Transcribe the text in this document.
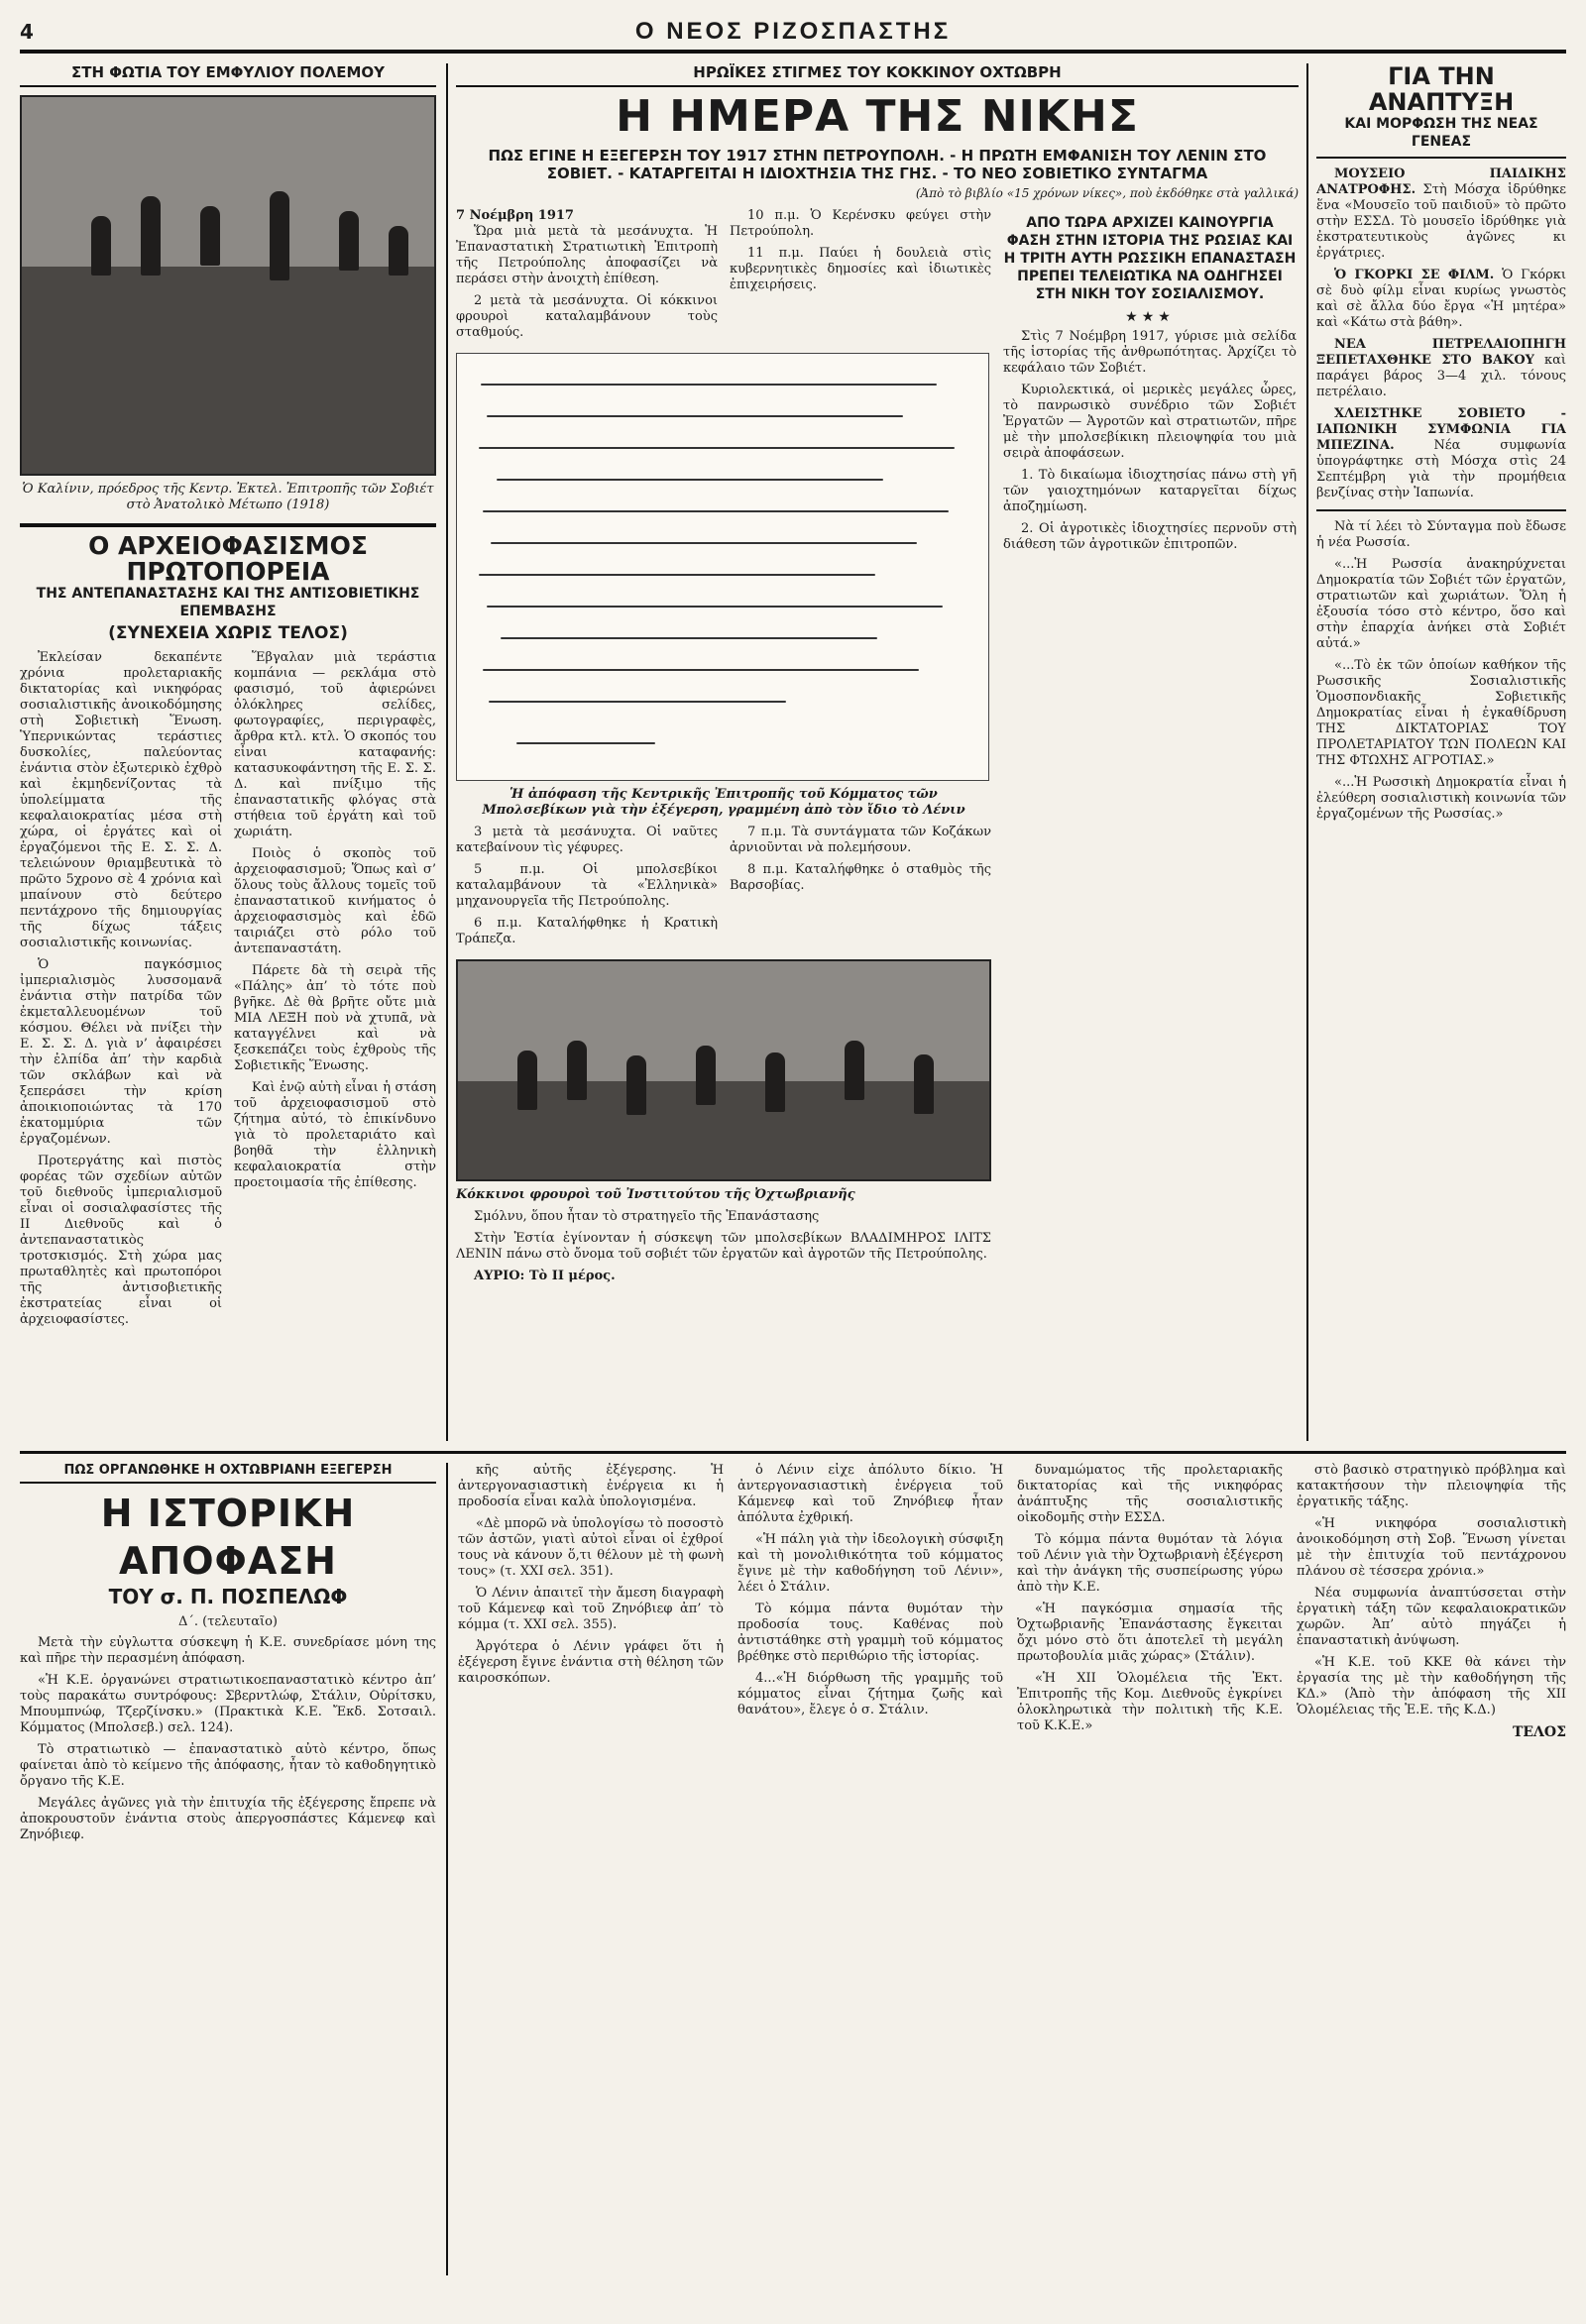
4	Ο ΝΕΟΣ ΡΙΖΟΣΠΑΣΤΗΣ
ΣΤΗ ΦΩΤΙΑ ΤΟΥ ΕΜΦΥΛΙΟΥ ΠΟΛΕΜΟΥ
Ὁ Καλίνιν, πρόεδρος τῆς Κεντρ. Ἐκτελ. Ἐπιτροπῆς τῶν Σοβιέτ στὸ Ἀνατολικὸ Μέτωπο (1918)
Ο ΑΡΧΕΙΟΦΑΣΙΣΜΟΣ ΠΡΩΤΟΠΟΡΕΙΑ
ΤΗΣ ΑΝΤΕΠΑΝΑΣΤΑΣΗΣ ΚΑΙ ΤΗΣ ΑΝΤΙΣΟΒΙΕΤΙΚΗΣ ΕΠΕΜΒΑΣΗΣ
(ΣΥΝΕΧΕΙΑ ΧΩΡΙΣ ΤΕΛΟΣ)

Ἐκλείσαν δεκαπέντε χρόνια προλεταριακῆς δικτατορίας καὶ νικηφόρας σοσιαλιστικῆς ἀνοικοδόμησης στὴ Σοβιετικὴ Ἕνωση. Ὑπερνικώντας τεράστιες δυσκολίες, παλεύοντας ἐνάντια στὸν ἐξωτερικὸ ἐχθρὸ καὶ ἐκμηδενίζοντας τὰ ὑπολείμματα τῆς κεφαλαιοκρατίας μέσα στὴ χώρα, οἱ ἐργάτες καὶ οἱ ἐργαζόμενοι τῆς Ε. Σ. Σ. Δ. τελειώνουν θριαμβευτικὰ τὸ πρῶτο 5χρονο σὲ 4 χρόνια καὶ μπαίνουν στὸ δεύτερο πεντάχρονο τῆς δημιουργίας τῆς δίχως τάξεις σοσιαλιστικῆς κοινωνίας.

Ὁ παγκόσμιος ἰμπεριαλισμὸς λυσσομανᾶ ἐνάντια στὴν πατρίδα τῶν ἐκμεταλλευομένων τοῦ κόσμου. Θέλει νὰ πνίξει τὴν Ε. Σ. Σ. Δ. γιὰ ν’ ἀφαιρέσει τὴν ἐλπίδα ἀπ’ τὴν καρδιὰ τῶν σκλάβων καὶ νὰ ξεπεράσει τὴν κρίση ἀποικιοποιώντας τὰ 170 ἑκατομμύρια τῶν ἐργαζομένων.

Προτεργάτης καὶ πιστὸς φορέας τῶν σχεδίων αὐτῶν τοῦ διεθνοῦς ἰμπεριαλισμοῦ εἶναι οἱ σοσιαλφασίστες τῆς ΙΙ Διεθνοῦς καὶ ὁ ἀντεπαναστατικὸς τροτσκισμός. Στὴ χώρα μας πρωταθλητὲς καὶ πρωτοπόροι τῆς ἀντισοβιετικῆς ἐκστρατείας εἶναι οἱ ἀρχειοφασίστες.

Ἕβγαλαν μιὰ τεράστια κομπάνια — ρεκλάμα στὸ φασισμό, τοῦ ἀφιερώνει ὁλόκληρες σελίδες, φωτογραφίες, περιγραφὲς, ἄρθρα κτλ. κτλ. Ὁ σκοπός του εἶναι καταφανής: κατασυκοφάντηση τῆς Ε. Σ. Σ. Δ. καὶ πνίξιμο τῆς ἐπαναστατικῆς φλόγας στὰ στήθεια τοῦ ἐργάτη καὶ τοῦ χωριάτη.

Ποιὸς ὁ σκοπὸς τοῦ ἀρχειοφασισμοῦ; Ὅπως καὶ σ’ ὅλους τοὺς ἄλλους τομεῖς τοῦ ἐπαναστατικοῦ κινήματος ὁ ἀρχειοφασισμὸς καὶ ἐδῶ ταιριάζει στὸ ρόλο τοῦ ἀντεπαναστάτη.

Πάρετε δὰ τὴ σειρὰ τῆς «Πάλης» ἀπ’ τὸ τότε ποὺ βγῆκε. Δὲ θὰ βρῆτε οὔτε μιὰ ΜΙΑ ΛΕΞΗ ποὺ νὰ χτυπᾶ, νὰ καταγγέλνει καὶ νὰ ξεσκεπάζει τοὺς ἐχθροὺς τῆς Σοβιετικῆς Ἕνωσης.

Καὶ ἐνῷ αὐτὴ εἶναι ἡ στάση τοῦ ἀρχειοφασισμοῦ στὸ ζήτημα αὐτό, τὸ ἐπικίνδυνο γιὰ τὸ προλεταριάτο καὶ βοηθᾶ τὴν ἑλληνικὴ κεφαλαιοκρατία στὴν προετοιμασία τῆς ἐπίθεσης.

ΗΡΩΪΚΕΣ ΣΤΙΓΜΕΣ ΤΟΥ ΚΟΚΚΙΝΟΥ ΟΧΤΩΒΡΗ
Η ΗΜΕΡΑ ΤΗΣ ΝΙΚΗΣ
ΠΩΣ ΕΓΙΝΕ Η ΕΞΕΓΕΡΣΗ ΤΟΥ 1917 ΣΤΗΝ ΠΕΤΡΟΥΠΟΛΗ. - Η ΠΡΩΤΗ ΕΜΦΑΝΙΣΗ ΤΟΥ ΛΕΝΙΝ ΣΤΟ ΣΟΒΙΕΤ. - ΚΑΤΑΡΓΕΙΤΑΙ Η ΙΔΙΟΧΤΗΣΙΑ ΤΗΣ ΓΗΣ. - ΤΟ ΝΕΟ ΣΟΒΙΕΤΙΚΟ ΣΥΝΤΑΓΜΑ
(Ἀπὸ τὸ βιβλίο «15 χρόνων νίκες», ποὺ ἐκδόθηκε στὰ γαλλικά)
7 Νοέμβρη 1917

Ὥρα μιὰ μετὰ τὰ μεσάνυχτα. Ἡ Ἐπαναστατικὴ Στρατιωτικὴ Ἐπιτροπὴ τῆς Πετρούπολης ἀποφασίζει νὰ περάσει στὴν ἀνοιχτὴ ἐπίθεση.

2 μετὰ τὰ μεσάνυχτα. Οἱ κόκκινοι φρουροὶ καταλαμβάνουν τοὺς σταθμούς.

10 π.μ. Ὁ Κερένσκυ φεύγει στὴν Πετρούπολη.

11 π.μ. Παύει ἡ δουλειὰ στὶς κυβερνητικὲς δημοσίες καὶ ἰδιωτικὲς ἐπιχειρήσεις.

Ἡ ἀπόφαση τῆς Κεντρικῆς Ἐπιτροπῆς τοῦ Κόμματος τῶν Μπολσεβίκων γιὰ τὴν ἐξέγερση, γραμμένη ἀπὸ τὸν ἴδιο τὸ Λένιν

3 μετὰ τὰ μεσάνυχτα. Οἱ ναῦτες κατεβαίνουν τὶς γέφυρες.

5 π.μ. Οἱ μπολσεβίκοι καταλαμβάνουν τὰ «Ἐλληνικὰ» μηχανουργεῖα τῆς Πετρούπολης.

6 π.μ. Καταλήφθηκε ἡ Κρατικὴ Τράπεζα.

7 π.μ. Τὰ συντάγματα τῶν Κοζάκων ἀρνιοῦνται νὰ πολεμήσουν.

8 π.μ. Καταλήφθηκε ὁ σταθμὸς τῆς Βαρσοβίας.

Κόκκινοι φρουροὶ τοῦ Ἰνστιτούτου τῆς Ὀχτωβριανῆς

Σμόλνυ, ὅπου ἦταν τὸ στρατηγεῖο τῆς Ἐπανάστασης

Στὴν Ἑστία ἐγίνονταν ἡ σύσκεψη τῶν μπολσεβίκων ΒΛΑΔΙΜΗΡΟΣ ΙΛΙΤΣ ΛΕΝΙΝ πάνω στὸ ὄνομα τοῦ σοβιέτ τῶν ἐργατῶν καὶ ἀγροτῶν τῆς Πετρούπολης.

ΑΥΡΙΟ: Τὸ ΙΙ μέρος.

ΑΠΟ ΤΩΡΑ ΑΡΧΙΖΕΙ ΚΑΙΝΟΥΡΓΙΑ ΦΑΣΗ ΣΤΗΝ ΙΣΤΟΡΙΑ ΤΗΣ ΡΩΣΙΑΣ ΚΑΙ Η ΤΡΙΤΗ ΑΥΤΗ ΡΩΣΣΙΚΗ ΕΠΑΝΑΣΤΑΣΗ ΠΡΕΠΕΙ ΤΕΛΕΙΩΤΙΚΑ ΝΑ ΟΔΗΓΗΣΕΙ ΣΤΗ ΝΙΚΗ ΤΟΥ ΣΟΣΙΑΛΙΣΜΟΥ.
★★★

Στὶς 7 Νοέμβρη 1917, γύρισε μιὰ σελίδα τῆς ἱστορίας τῆς ἀνθρωπότητας. Ἀρχίζει τὸ κεφάλαιο τῶν Σοβιέτ.

Κυριολεκτικά, οἱ μερικὲς μεγάλες ὧρες, τὸ πανρωσικὸ συνέδριο τῶν Σοβιέτ Ἐργατῶν — Ἀγροτῶν καὶ στρατιωτῶν, πῆρε μὲ τὴν μπολσεβίκικη πλειοψηφία του μιὰ σειρὰ ἀποφάσεων.

1. Τὸ δικαίωμα ἰδιοχτησίας πάνω στὴ γῆ τῶν γαιοχτημόνων καταργεῖται δίχως ἀποζημίωση.

2. Οἱ ἀγροτικὲς ἰδιοχτησίες περνοῦν στὴ διάθεση τῶν ἀγροτικῶν ἐπιτροπῶν.

ΓΙΑ ΤΗΝ ΑΝΑΠΤΥΞΗ
ΚΑΙ ΜΟΡΦΩΣΗ ΤΗΣ ΝΕΑΣ ΓΕΝΕΑΣ

ΜΟΥΣΕΙΟ ΠΑΙΔΙΚΗΣ ΑΝΑΤΡΟΦΗΣ. Στὴ Μόσχα ἱδρύθηκε ἕνα «Μουσεῖο τοῦ παιδιοῦ» τὸ πρῶτο στὴν ΕΣΣΔ. Τὸ μουσεῖο ἱδρύθηκε γιὰ ἐκστρατευτικοὺς ἀγῶνες κι ἐργάτριες.

Ὁ ΓΚΟΡΚΙ ΣΕ ΦΙΛΜ. Ὁ Γκόρκι σὲ δυὸ φίλμ εἶναι κυρίως γνωστὸς καὶ σὲ ἄλλα δύο ἔργα «Ἡ μητέρα» καὶ «Κάτω στὰ βάθη».

ΝΕΑ ΠΕΤΡΕΛΑΙΟΠΗΓΗ ΞΕΠΕΤΑΧΘΗΚΕ ΣΤΟ ΒΑΚΟΥ καὶ παράγει βάρος 3—4 χιλ. τόνους πετρέλαιο.

ΧΛΕΙΣΤΗΚΕ ΣΟΒΙΕΤΟ - ΙΑΠΩΝΙΚΗ ΣΥΜΦΩΝΙΑ ΓΙΑ ΜΠΕΖΙΝΑ.	Νέα συμφωνία ὑπογράφτηκε στὴ Μόσχα στὶς 24 Σεπτέμβρη γιὰ τὴν προμήθεια βενζίνας στὴν Ἰαπωνία.

Νὰ τί λέει τὸ Σύνταγμα ποὺ ἔδωσε ἡ νέα Ρωσσία.

«...Ἡ Ρωσσία ἀνακηρύχνεται Δημοκρατία τῶν Σοβιέτ τῶν ἐργατῶν, στρατιωτῶν καὶ χωριάτων. Ὅλη ἡ ἐξουσία τόσο στὸ κέντρο, ὅσο καὶ στὴν ἐπαρχία ἀνήκει στὰ Σοβιέτ αὐτά.»

«...Τὸ ἐκ τῶν ὁποίων καθήκον τῆς Ρωσσικῆς Σοσιαλιστικῆς Ὁμοσπονδιακῆς Σοβιετικῆς Δημοκρατίας εἶναι ἡ ἐγκαθίδρυση ΤΗΣ ΔΙΚΤΑΤΟΡΙΑΣ ΤΟΥ ΠΡΟΛΕΤΑΡΙΑΤΟΥ ΤΩΝ ΠΟΛΕΩΝ ΚΑΙ ΤΗΣ ΦΤΩΧΗΣ ΑΓΡΟΤΙΑΣ.»

«...Ἡ Ρωσσικὴ Δημοκρατία εἶναι ἡ ἐλεύθερη σοσιαλιστικὴ κοινωνία τῶν ἐργαζομένων τῆς Ρωσσίας.»

ΠΩΣ ΟΡΓΑΝΩΘΗΚΕ Η ΟΧΤΩΒΡΙΑΝΗ ΕΞΕΓΕΡΣΗ
Η ΙΣΤΟΡΙΚΗ ΑΠΟΦΑΣΗ
ΤΟΥ σ. Π. ΠΟΣΠΕΛΩΦ
Δ΄. (τελευταῖο)

Μετὰ τὴν εὐγλωττα σύσκεψη ἡ Κ.Ε. συνεδρίασε μόνη της καὶ πῆρε τὴν περασμένη ἀπόφαση.

«Ἡ Κ.Ε. ὀργανώνει στρατιωτικοεπαναστατικὸ κέντρο ἀπ’ τοὺς παρακάτω συντρόφους: Σβερντλώφ, Στάλιν, Οὐρίτσκυ, Μπουμπνώφ, Τζερζίνσκυ.» (Πρακτικὰ Κ.Ε. Ἔκδ. Σοτσαιλ. Κόμματος (Μπολσεβ.) σελ. 124).

Τὸ στρατιωτικὸ — ἐπαναστατικὸ αὐτὸ κέντρο, ὅπως φαίνεται ἀπὸ τὸ κείμενο τῆς ἀπόφασης, ἦταν τὸ καθοδηγητικὸ ὄργανο τῆς Κ.Ε.

Μεγάλες ἀγῶνες γιὰ τὴν ἐπιτυχία τῆς ἐξέγερσης ἔπρεπε νὰ ἀποκρουστοῦν ἐνάντια στοὺς ἀπεργοσπάστες Κάμενεφ καὶ Ζηνόβιεφ.

κῆς αὐτῆς ἐξέγερσης. Ἡ ἀντεργονασιαστικὴ ἐνέργεια κι ἡ προδοσία εἶναι καλὰ ὑπολογισμένα.

«Δὲ μπορῶ νὰ ὑπολογίσω τὸ ποσοστὸ τῶν ἀστῶν, γιατὶ αὐτοὶ εἶναι οἱ ἐχθροί τους νὰ κάνουν ὅ,τι θέλουν μὲ τὴ φωνὴ τους» (τ. XXI σελ. 351).

Ὁ Λένιν ἀπαιτεῖ τὴν ἄμεση διαγραφὴ τοῦ Κάμενεφ καὶ τοῦ Ζηνόβιεφ ἀπ’ τὸ κόμμα (τ. XXI σελ. 355).

Ἀργότερα ὁ Λένιν γράφει ὅτι ἡ ἐξέγερση ἔγινε ἐνάντια στὴ θέληση τῶν καιροσκόπων.

ὁ Λένιν εἶχε ἀπόλυτο δίκιο. Ἡ ἀντεργονασιαστικὴ ἐνέργεια τοῦ Κάμενεφ καὶ τοῦ Ζηνόβιεφ ἦταν ἀπόλυτα ἐχθρική.

«Ἡ πάλη γιὰ τὴν ἰδεολογικὴ σύσφιξη καὶ τὴ μονολιθικότητα τοῦ κόμματος ἔγινε μὲ τὴν καθοδήγηση τοῦ Λένιν», λέει ὁ Στάλιν.

Τὸ κόμμα πάντα θυμόταν τὴν προδοσία τους. Καθένας ποὺ ἀντιστάθηκε στὴ γραμμὴ τοῦ κόμματος βρέθηκε στὸ περιθώριο τῆς ἱστορίας.

4...«Ἡ διόρθωση τῆς γραμμῆς τοῦ κόμματος εἶναι ζήτημα ζωῆς καὶ θανάτου», ἔλεγε ὁ σ. Στάλιν.

δυναμώματος τῆς προλεταριακῆς δικτατορίας καὶ τῆς νικηφόρας ἀνάπτυξης τῆς σοσιαλιστικῆς οἰκοδομῆς στὴν ΕΣΣΔ.

Τὸ κόμμα πάντα θυμόταν τὰ λόγια τοῦ Λένιν γιὰ τὴν Ὀχτωβριανὴ ἐξέγερση καὶ τὴν ἀνάγκη τῆς συσπείρωσης γύρω ἀπὸ τὴν Κ.Ε.

«Ἡ παγκόσμια σημασία τῆς Ὀχτωβριανῆς Ἐπανάστασης ἔγκειται ὄχι μόνο στὸ ὅτι ἀποτελεῖ τὴ μεγάλη πρωτοβουλία μιᾶς χώρας» (Στάλιν).

«Ἡ ΧΙΙ Ὁλομέλεια τῆς Ἐκτ. Ἐπιτροπῆς τῆς Κομ. Διεθνοῦς ἐγκρίνει ὁλοκληρωτικὰ τὴν πολιτικὴ τῆς Κ.Ε. τοῦ Κ.Κ.Ε.»

στὸ βασικὸ στρατηγικὸ πρόβλημα καὶ κατακτήσουν τὴν πλειοψηφία τῆς ἐργατικῆς τάξης.

«Ἡ νικηφόρα σοσιαλιστικὴ ἀνοικοδόμηση στὴ Σοβ. Ἕνωση γίνεται μὲ τὴν ἐπιτυχία τοῦ πεντάχρονου πλάνου σὲ τέσσερα χρόνια.»

Νέα συμφωνία ἀναπτύσσεται στὴν ἐργατικὴ τάξη τῶν κεφαλαιοκρατικῶν χωρῶν. Ἀπ’ αὐτὸ πηγάζει ἡ ἐπαναστατικὴ ἀνύψωση.

«Ἡ Κ.Ε. τοῦ ΚΚΕ θὰ κάνει τὴν ἐργασία της μὲ τὴν καθοδήγηση τῆς ΚΔ.» (Ἀπὸ τὴν ἀπόφαση τῆς XII Ὁλομέλειας τῆς Ἐ.Ε. τῆς Κ.Δ.)

ΤΕΛΟΣ
